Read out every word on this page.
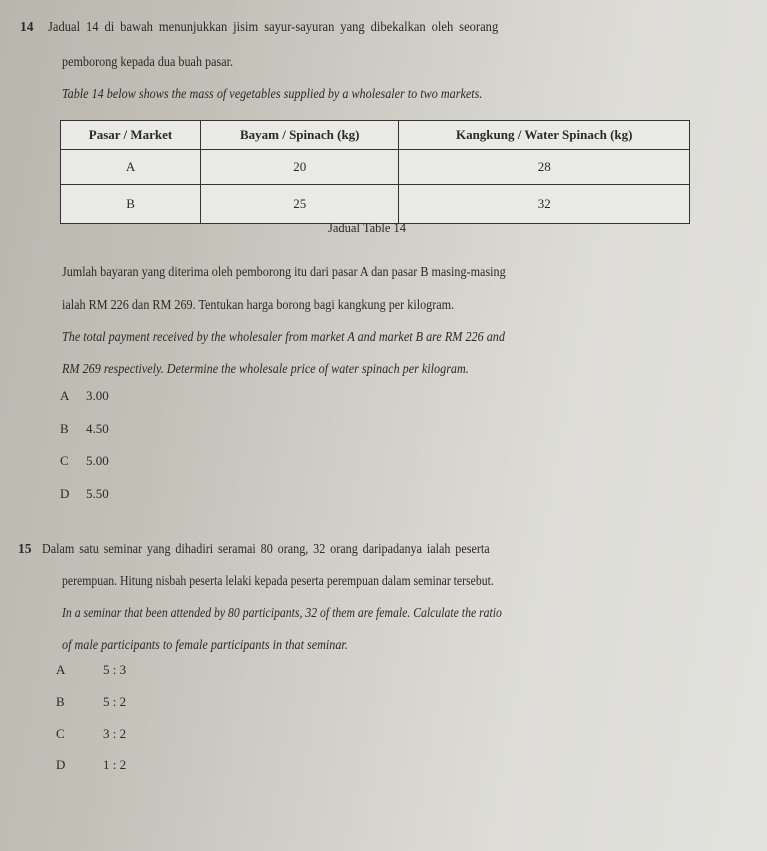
14 Jadual 14 di bawah menunjukkan jisim sayur-sayuran yang dibekalkan oleh seorang
pemborong kepada dua buah pasar.
Table 14 below shows the mass of vegetables supplied by a wholesaler to two markets.
Pasar / Market	Bayam / Spinach (kg)	Kangkung / Water Spinach (kg)
A	20	28
B	25	32
Jadual Table 14
Jumlah bayaran yang diterima oleh pemborong itu dari pasar A dan pasar B masing-masing
ialah RM 226 dan RM 269. Tentukan harga borong bagi kangkung per kilogram.
The total payment received by the wholesaler from market A and market B are RM 226 and
RM 269 respectively. Determine the wholesale price of water spinach per kilogram.
A 3.00
B 4.50
C 5.00
D 5.50
15 Dalam satu seminar yang dihadiri seramai 80 orang, 32 orang daripadanya ialah peserta
perempuan. Hitung nisbah peserta lelaki kepada peserta perempuan dalam seminar tersebut.
In a seminar that been attended by 80 participants, 32 of them are female. Calculate the ratio
of male participants to female participants in that seminar.
A	5 : 3
B	5 : 2
C	3 : 2
D	1 : 2
